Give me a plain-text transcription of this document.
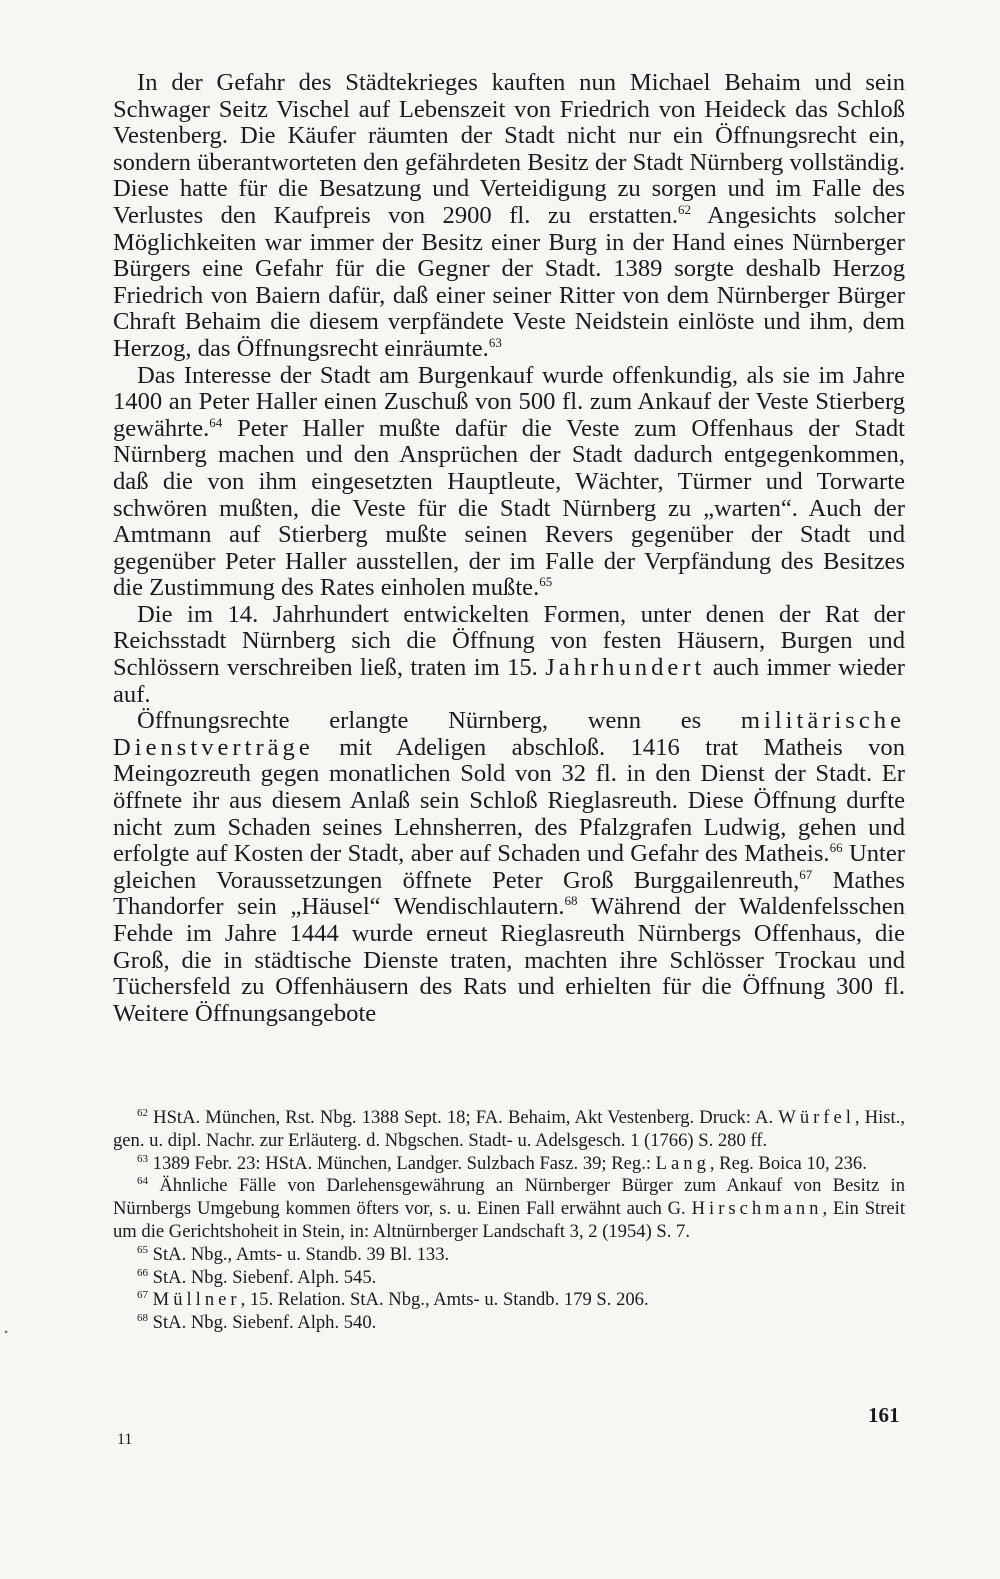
In der Gefahr des Städtekrieges kauften nun Michael Behaim und sein Schwager Seitz Vischel auf Lebenszeit von Friedrich von Heideck das Schloß Vestenberg. Die Käufer räumten der Stadt nicht nur ein Öffnungsrecht ein, sondern überantworteten den gefährdeten Besitz der Stadt Nürnberg vollständig. Diese hatte für die Besatzung und Verteidigung zu sorgen und im Falle des Verlustes den Kaufpreis von 2900 fl. zu erstatten.$^{62}$ Angesichts solcher Möglichkeiten war immer der Besitz einer Burg in der Hand eines Nürnberger Bürgers eine Gefahr für die Gegner der Stadt. 1389 sorgte deshalb Herzog Friedrich von Baiern dafür, daß einer seiner Ritter von dem Nürnberger Bürger Chraft Behaim die diesem verpfändete Veste Neidstein einlöste und ihm, dem Herzog, das Öffnungsrecht einräumte.$^{63}$

Das Interesse der Stadt am Burgenkauf wurde offenkundig, als sie im Jahre 1400 an Peter Haller einen Zuschuß von 500 fl. zum Ankauf der Veste Stierberg gewährte.$^{64}$ Peter Haller mußte dafür die Veste zum Offenhaus der Stadt Nürnberg machen und den Ansprüchen der Stadt dadurch entgegenkommen, daß die von ihm eingesetzten Hauptleute, Wächter, Türmer und Torwarte schwören mußten, die Veste für die Stadt Nürnberg zu „warten“. Auch der Amtmann auf Stierberg mußte seinen Revers gegenüber der Stadt und gegenüber Peter Haller ausstellen, der im Falle der Verpfändung des Besitzes die Zustimmung des Rates einholen mußte.$^{65}$

Die im 14. Jahrhundert entwickelten Formen, unter denen der Rat der Reichsstadt Nürnberg sich die Öffnung von festen Häusern, Burgen und Schlössern verschreiben ließ, traten im 15. Jahrhundert auch immer wieder auf.

Öffnungsrechte erlangte Nürnberg, wenn es militärische Dienstverträge mit Adeligen abschloß. 1416 trat Matheis von Meingozreuth gegen monatlichen Sold von 32 fl. in den Dienst der Stadt. Er öffnete ihr aus diesem Anlaß sein Schloß Rieglasreuth. Diese Öffnung durfte nicht zum Schaden seines Lehnsherren, des Pfalzgrafen Ludwig, gehen und erfolgte auf Kosten der Stadt, aber auf Schaden und Gefahr des Matheis.$^{66}$ Unter gleichen Voraussetzungen öffnete Peter Groß Burggailenreuth,$^{67}$ Mathes Thandorfer sein „Häusel“ Wendischlautern.$^{68}$ Während der Waldenfelsschen Fehde im Jahre 1444 wurde erneut Rieglasreuth Nürnbergs Offenhaus, die Groß, die in städtische Dienste traten, machten ihre Schlösser Trockau und Tüchersfeld zu Offenhäusern des Rats und erhielten für die Öffnung 300 fl. Weitere Öffnungsangebote

$^{62}$ HStA. München, Rst. Nbg. 1388 Sept. 18; FA. Behaim, Akt Vestenberg. Druck: A. Würfel, Hist., gen. u. dipl. Nachr. zur Erläuterg. d. Nbgschen. Stadt- u. Adelsgesch. 1 (1766) S. 280 ff.

$^{63}$ 1389 Febr. 23: HStA. München, Landger. Sulzbach Fasz. 39; Reg.: Lang, Reg. Boica 10, 236.

$^{64}$ Ähnliche Fälle von Darlehensgewährung an Nürnberger Bürger zum Ankauf von Besitz in Nürnbergs Umgebung kommen öfters vor, s. u. Einen Fall erwähnt auch G. Hirschmann, Ein Streit um die Gerichtshoheit in Stein, in: Altnürnberger Landschaft 3, 2 (1954) S. 7.

$^{65}$ StA. Nbg., Amts- u. Standb. 39 Bl. 133.

$^{66}$ StA. Nbg. Siebenf. Alph. 545.

$^{67}$ Müllner, 15. Relation. StA. Nbg., Amts- u. Standb. 179 S. 206.

$^{68}$ StA. Nbg. Siebenf. Alph. 540.

161
11
•
